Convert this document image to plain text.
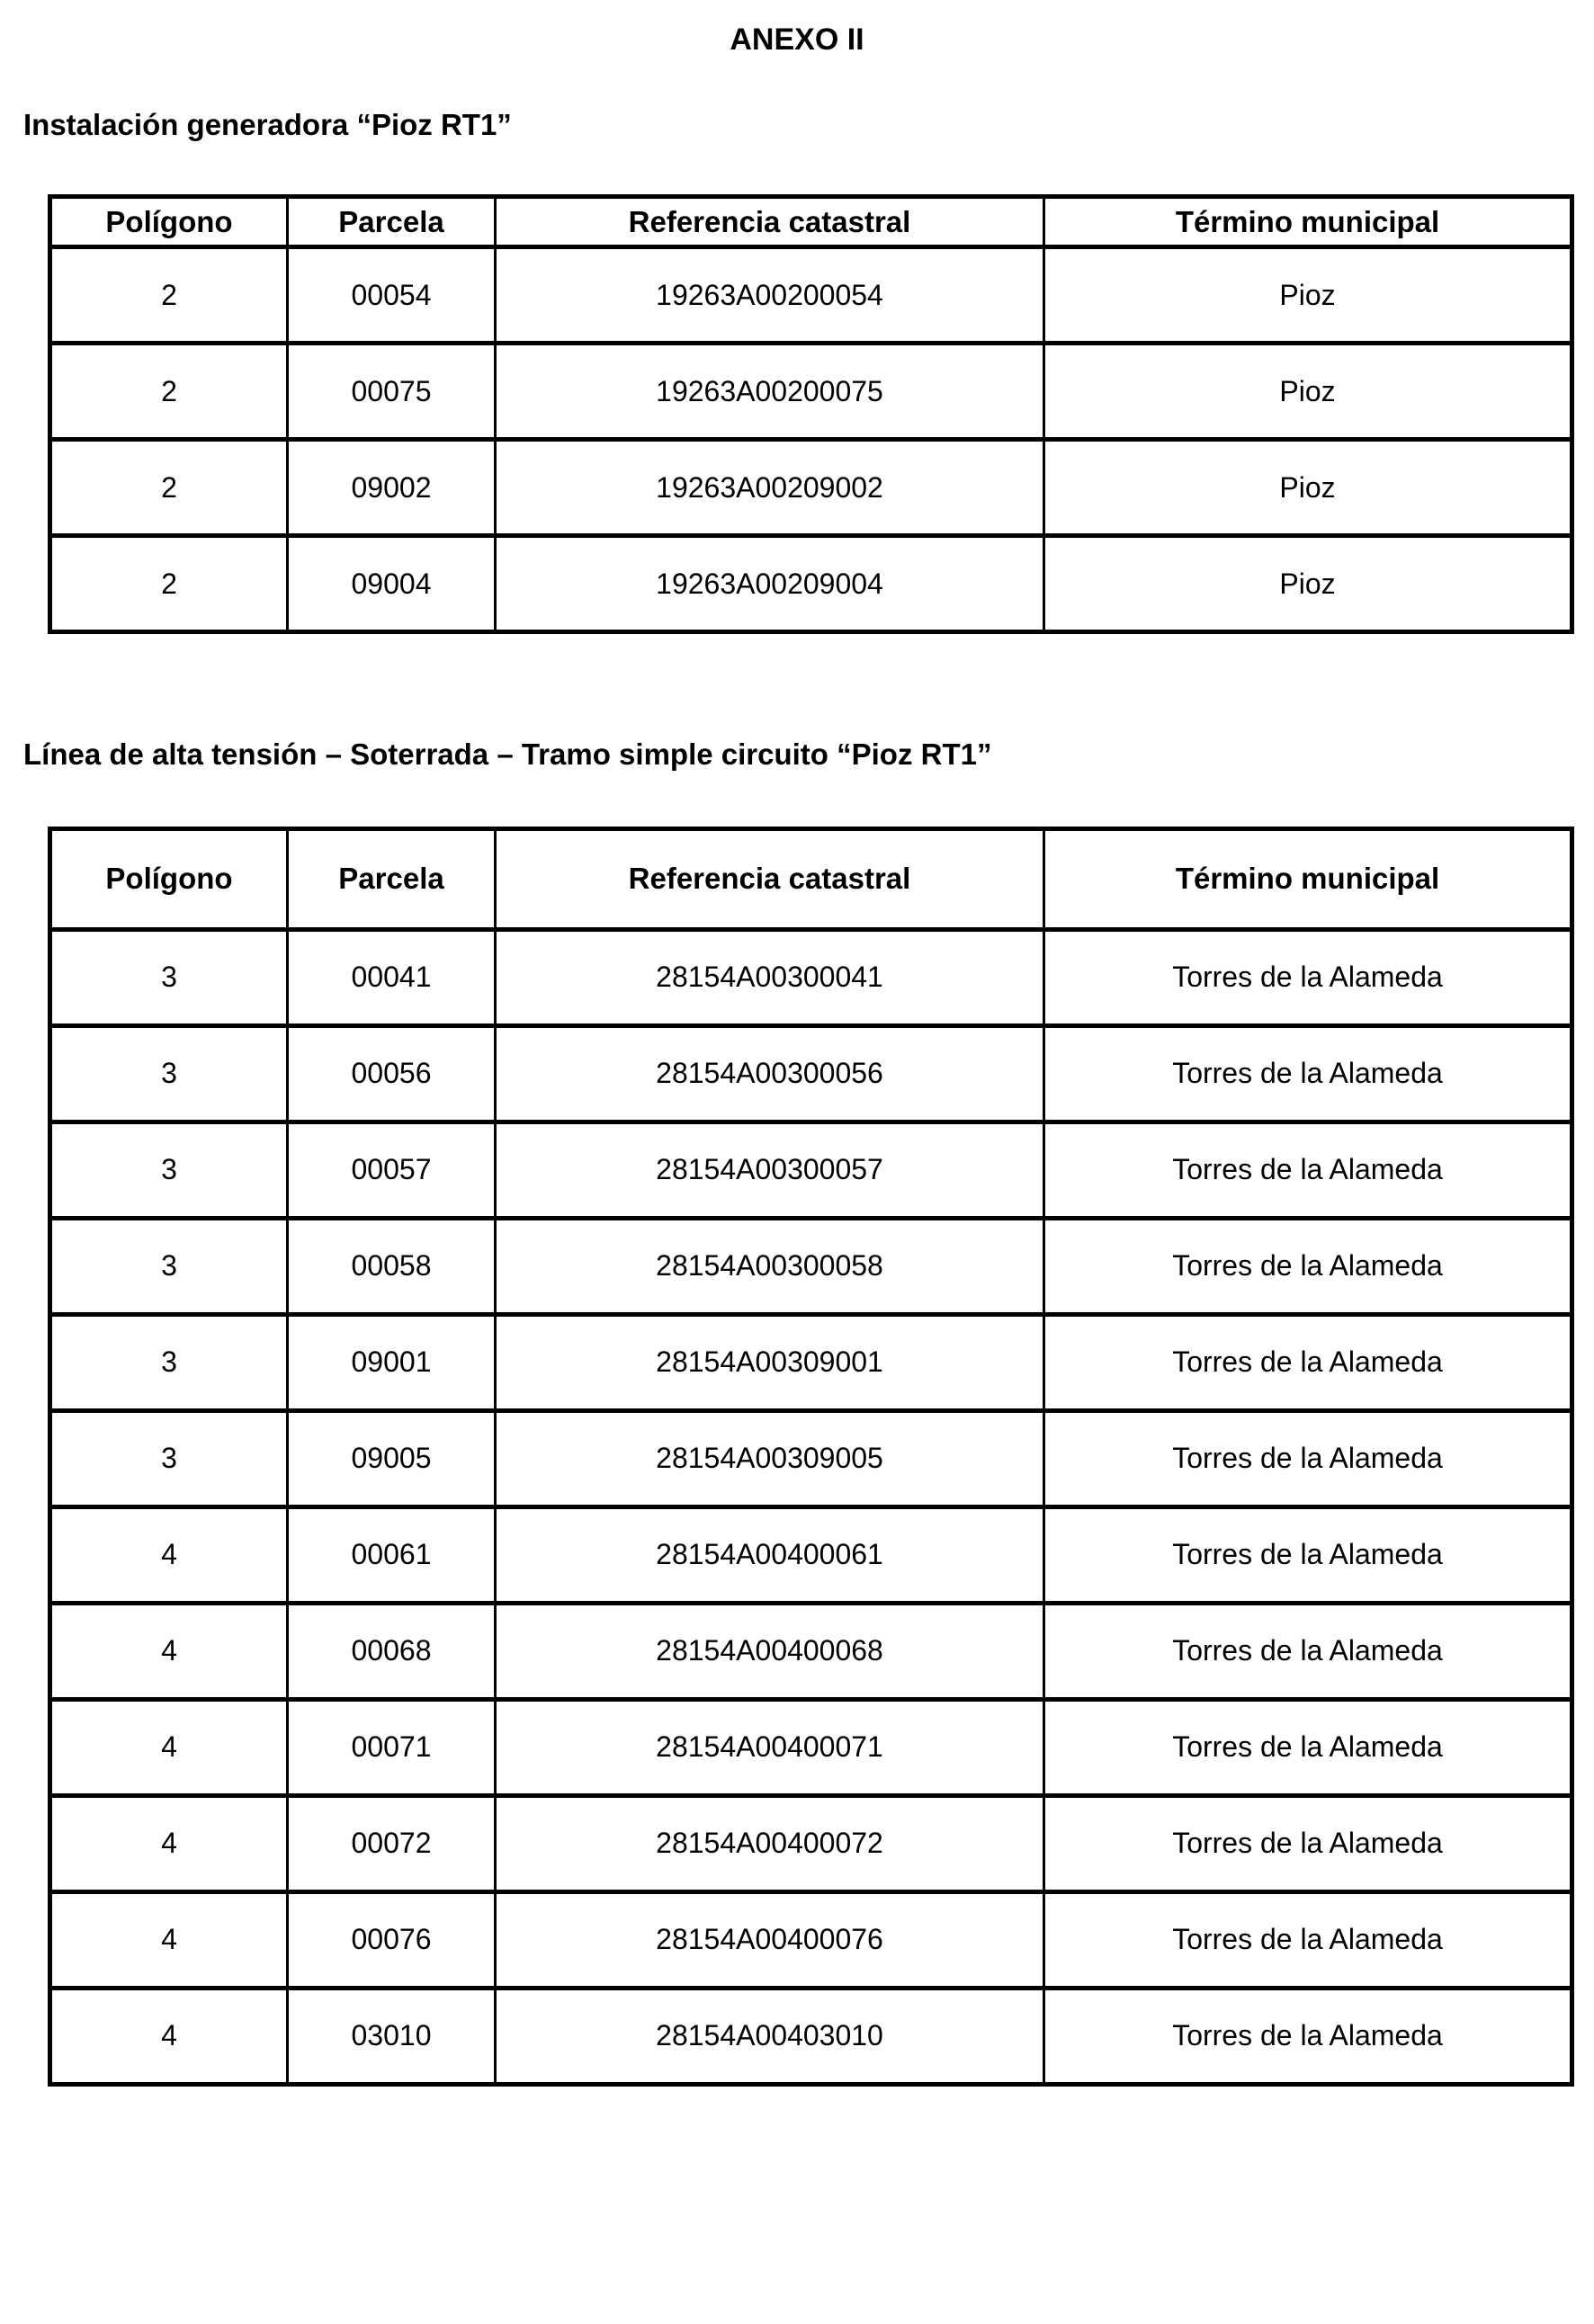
ANEXO II
Instalación generadora “Pioz RT1”
Polígono	Parcela	Referencia catastral	Término municipal
2	00054	19263A00200054	Pioz
2	00075	19263A00200075	Pioz
2	09002	19263A00209002	Pioz
2	09004	19263A00209004	Pioz
Línea de alta tensión – Soterrada – Tramo simple circuito “Pioz RT1”
Polígono	Parcela	Referencia catastral	Término municipal
3	00041	28154A00300041	Torres de la Alameda
3	00056	28154A00300056	Torres de la Alameda
3	00057	28154A00300057	Torres de la Alameda
3	00058	28154A00300058	Torres de la Alameda
3	09001	28154A00309001	Torres de la Alameda
3	09005	28154A00309005	Torres de la Alameda
4	00061	28154A00400061	Torres de la Alameda
4	00068	28154A00400068	Torres de la Alameda
4	00071	28154A00400071	Torres de la Alameda
4	00072	28154A00400072	Torres de la Alameda
4	00076	28154A00400076	Torres de la Alameda
4	03010	28154A00403010	Torres de la Alameda
